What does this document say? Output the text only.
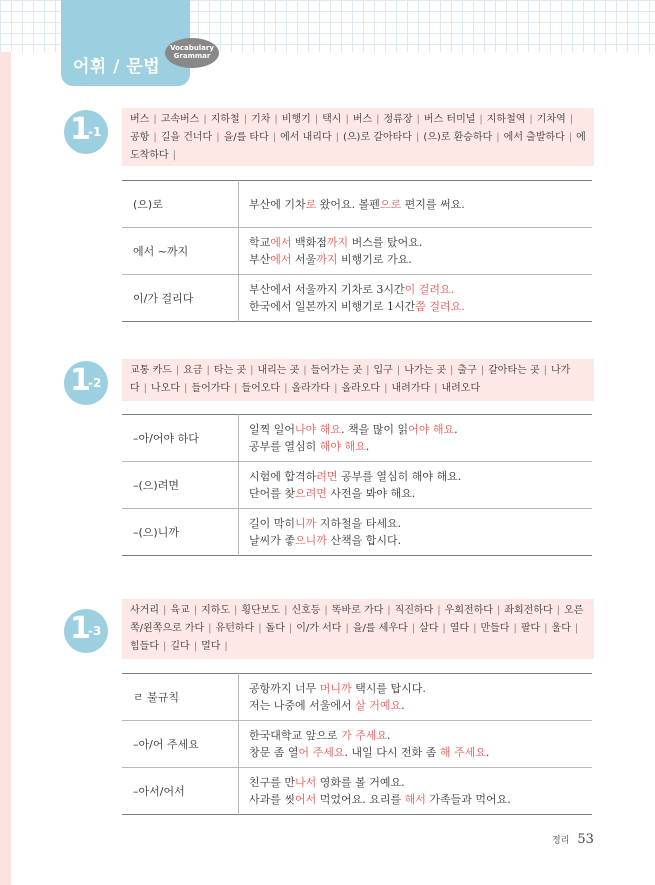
어휘 / 문법
Vocabulary
Grammar
1
-1
버스 | 고속버스 | 지하철 | 기차 | 비행기 | 택시 | 버스 | 정류장 | 버스 터미널 | 지하철역 | 기차역 |공항 | 길을 건너다 | 을/를 타다 | 에서 내리다 | (으)로 갈아타다 | (으)로 환승하다 | 에서 출발하다 | 에 도착하다 |
(으)로	부산에 기차로 왔어요. 볼펜으로 편지를 써요.

에서 ~까지	학교에서 백화점까지 버스를 탔어요.
부산에서 서울까지 비행기로 가요.

이/가 걸리다	부산에서 서울까지 기차로 3시간이 걸려요.
한국에서 일본까지 비행기로 1시간쯤 걸려요.
1
-2
교통 카드 | 요금 | 타는 곳 | 내리는 곳 | 들어가는 곳 | 입구 | 나가는 곳 | 출구 | 갈아타는 곳 | 나가다 | 나오다 | 들어가다 | 들어오다 | 올라가다 | 올라오다 | 내려가다 | 내려오다
–아/어야 하다	일찍 일어나야 해요. 책을 많이 읽어야 해요.
공부를 열심히 해야 해요.

–(으)려면	시험에 합격하려면 공부를 열심히 해야 해요.
단어를 찾으려면 사전을 봐야 해요.

–(으)니까	길이 막히니까 지하철을 타세요.
날씨가 좋으니까 산책을 합시다.
1
-3
사거리 | 육교 | 지하도 | 횡단보도 | 신호등 | 똑바로 가다 | 직진하다 | 우회전하다 | 좌회전하다 | 오른쪽/왼쪽으로 가다 | 유턴하다 | 돌다 | 이/가 서다 | 을/를 세우다 | 살다 | 열다 | 만들다 | 팔다 | 울다 |힘들다 | 길다 | 멀다 |
ㄹ 불규칙	공항까지 너무 머니까 택시를 탑시다.
저는 나중에 서울에서 살 거예요.

–아/어 주세요	한국대학교 앞으로 가 주세요.
창문 좀 열어 주세요. 내일 다시 전화 좀 해 주세요.

–아서/어서	친구를 만나서 영화를 볼 거예요.
사과를 씻어서 먹었어요. 요리를 해서 가족들과 먹어요.
정리 53
